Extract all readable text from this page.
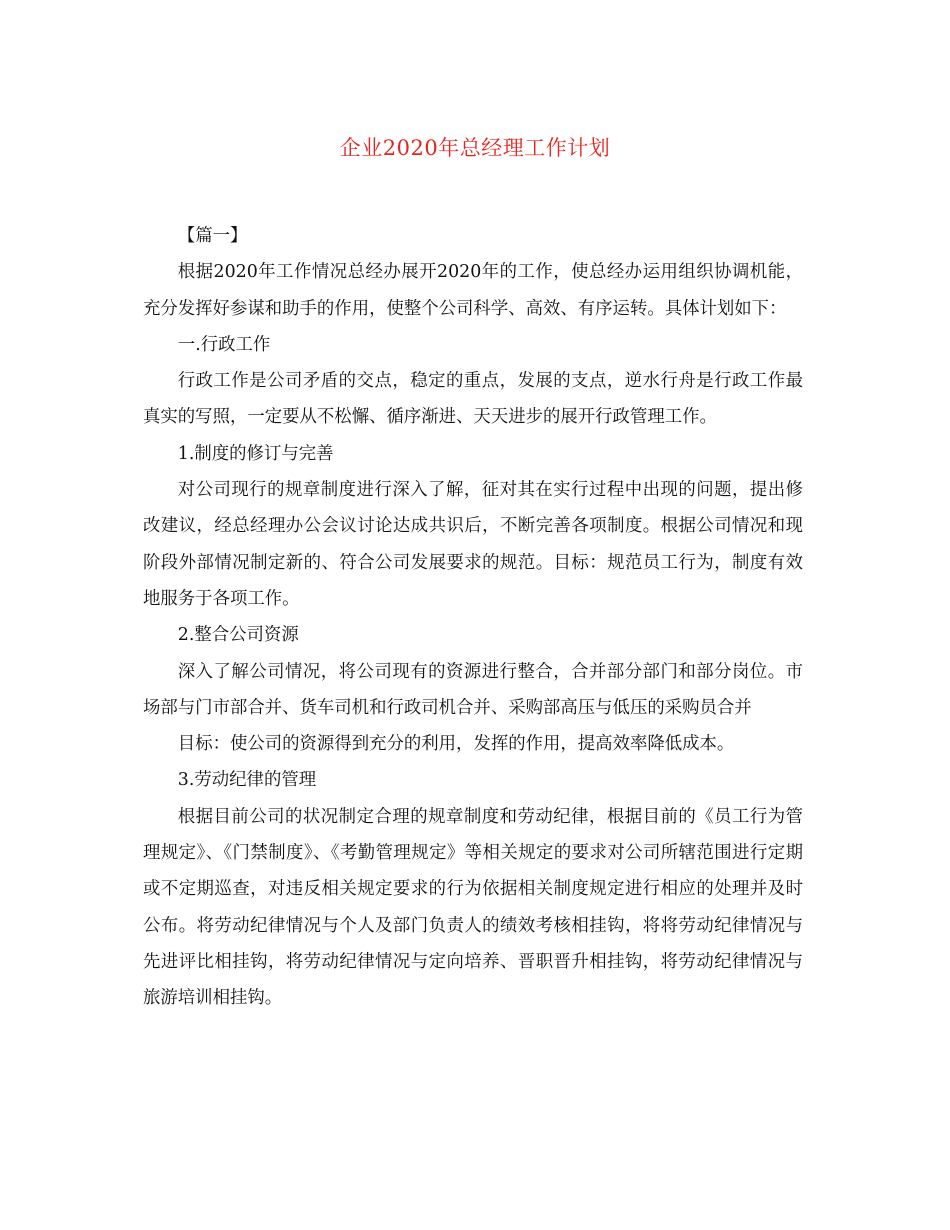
企业2020年总经理工作计划

【篇一】

根据2020年工作情况总经办展开2020年的工作，使总经办运用组织协调机能，充分发挥好参谋和助手的作用，使整个公司科学、高效、有序运转。具体计划如下：

一.行政工作

行政工作是公司矛盾的交点，稳定的重点，发展的支点，逆水行舟是行政工作最真实的写照，一定要从不松懈、循序渐进、天天进步的展开行政管理工作。

1.制度的修订与完善

对公司现行的规章制度进行深入了解，征对其在实行过程中出现的问题，提出修改建议，经总经理办公会议讨论达成共识后，不断完善各项制度。根据公司情况和现阶段外部情况制定新的、符合公司发展要求的规范。目标：规范员工行为，制度有效地服务于各项工作。

2.整合公司资源

深入了解公司情况，将公司现有的资源进行整合，合并部分部门和部分岗位。市场部与门市部合并、货车司机和行政司机合并、采购部高压与低压的采购员合并

目标：使公司的资源得到充分的利用，发挥的作用，提高效率降低成本。

3.劳动纪律的管理

根据目前公司的状况制定合理的规章制度和劳动纪律，根据目前的《员工行为管理规定》、《门禁制度》、《考勤管理规定》等相关规定的要求对公司所辖范围进行定期或不定期巡查，对违反相关规定要求的行为依据相关制度规定进行相应的处理并及时公布。将劳动纪律情况与个人及部门负责人的绩效考核相挂钩，将将劳动纪律情况与先进评比相挂钩，将劳动纪律情况与定向培养、晋职晋升相挂钩，将劳动纪律情况与旅游培训相挂钩。
